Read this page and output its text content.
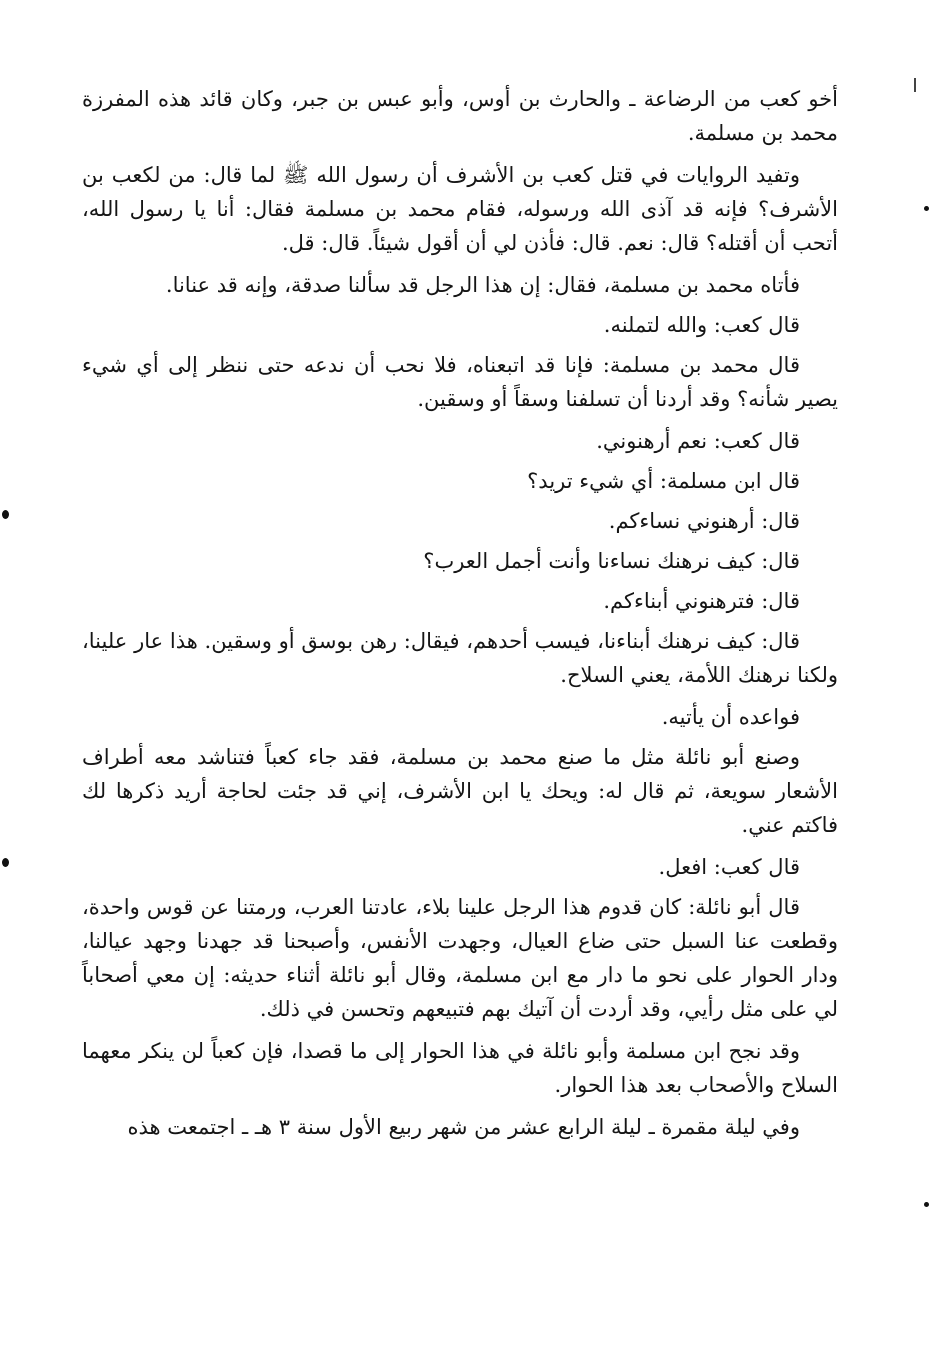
أخو كعب من الرضاعة ـ والحارث بن أوس، وأبو عبس بن جبر، وكان قائد هذه المفرزة محمد بن مسلمة.

وتفيد الروايات في قتل كعب بن الأشرف أن رسول الله ﷺ لما قال: من لكعب بن الأشرف؟ فإنه قد آذى الله ورسوله، فقام محمد بن مسلمة فقال: أنا يا رسول الله، أتحب أن أقتله؟ قال: نعم. قال: فأذن لي أن أقول شيئاً. قال: قل.

فأتاه محمد بن مسلمة، فقال: إن هذا الرجل قد سألنا صدقة، وإنه قد عنانا.

قال كعب: والله لتملنه.

قال محمد بن مسلمة: فإنا قد اتبعناه، فلا نحب أن ندعه حتى ننظر إلى أي شيء يصير شأنه؟ وقد أردنا أن تسلفنا وسقاً أو وسقين.

قال كعب: نعم أرهنوني.

قال ابن مسلمة: أي شيء تريد؟

قال: أرهنوني نساءكم.

قال: كيف نرهنك نساءنا وأنت أجمل العرب؟

قال: فترهنوني أبناءكم.

قال: كيف نرهنك أبناءنا، فيسب أحدهم، فيقال: رهن بوسق أو وسقين. هذا عار علينا، ولكنا نرهنك اللأمة، يعني السلاح.

فواعده أن يأتيه.

وصنع أبو نائلة مثل ما صنع محمد بن مسلمة، فقد جاء كعباً فتناشد معه أطراف الأشعار سويعة، ثم قال له: ويحك يا ابن الأشرف، إني قد جئت لحاجة أريد ذكرها لك فاكتم عني.

قال كعب: افعل.

قال أبو نائلة: كان قدوم هذا الرجل علينا بلاء، عادتنا العرب، ورمتنا عن قوس واحدة، وقطعت عنا السبل حتى ضاع العيال، وجهدت الأنفس، وأصبحنا قد جهدنا وجهد عيالنا، ودار الحوار على نحو ما دار مع ابن مسلمة، وقال أبو نائلة أثناء حديثه: إن معي أصحاباً لي على مثل رأيي، وقد أردت أن آتيك بهم فتبيعهم وتحسن في ذلك.

وقد نجح ابن مسلمة وأبو نائلة في هذا الحوار إلى ما قصدا، فإن كعباً لن ينكر معهما السلاح والأصحاب بعد هذا الحوار.

وفي ليلة مقمرة ـ ليلة الرابع عشر من شهر ربيع الأول سنة ٣ هـ ـ اجتمعت هذه
